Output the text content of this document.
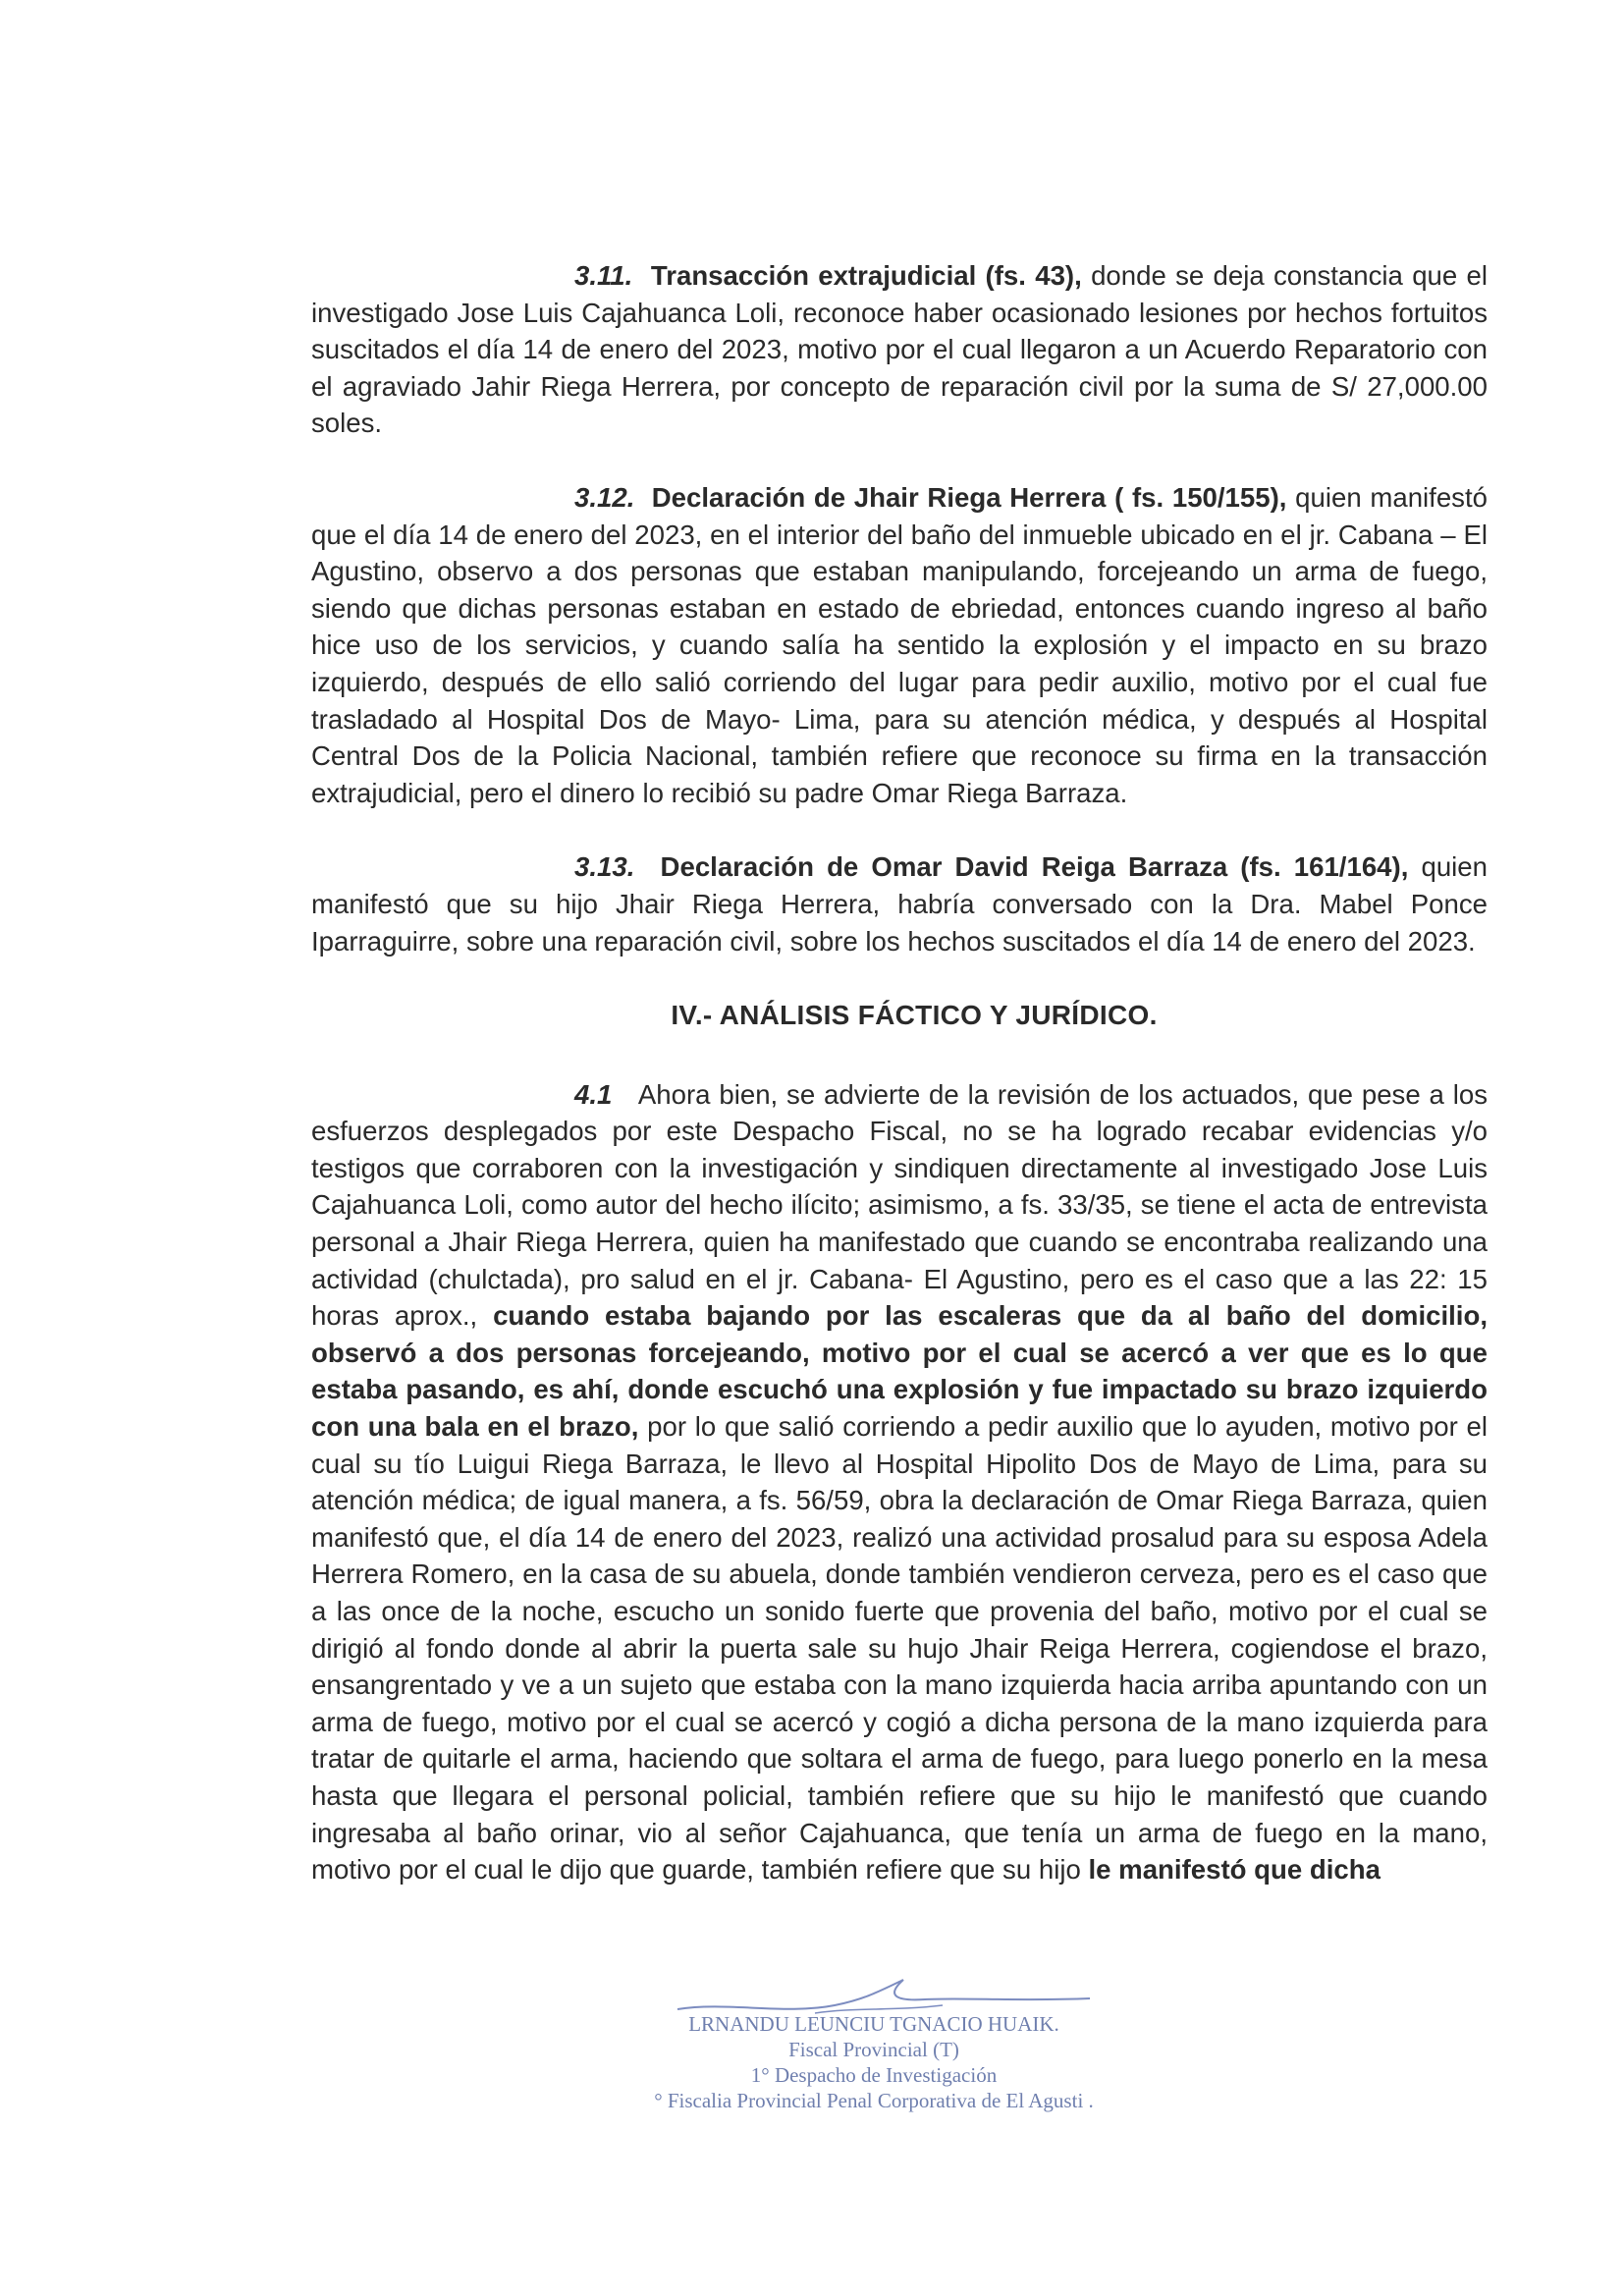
3.11. Transacción extrajudicial (fs. 43), donde se deja constancia que el investigado Jose Luis Cajahuanca Loli, reconoce haber ocasionado lesiones por hechos fortuitos suscitados el día 14 de enero del 2023, motivo por el cual llegaron a un Acuerdo Reparatorio con el agraviado Jahir Riega Herrera, por concepto de reparación civil por la suma de S/ 27,000.00 soles.

3.12. Declaración de Jhair Riega Herrera ( fs. 150/155), quien manifestó que el día 14 de enero del 2023, en el interior del baño del inmueble ubicado en el jr. Cabana – El Agustino, observo a dos personas que estaban manipulando, forcejeando un arma de fuego, siendo que dichas personas estaban en estado de ebriedad, entonces cuando ingreso al baño hice uso de los servicios, y cuando salía ha sentido la explosión y el impacto en su brazo izquierdo, después de ello salió corriendo del lugar para pedir auxilio, motivo por el cual fue trasladado al Hospital Dos de Mayo- Lima, para su atención médica, y después al Hospital Central Dos de la Policia Nacional, también refiere que reconoce su firma en la transacción extrajudicial, pero el dinero lo recibió su padre Omar Riega Barraza.

3.13. Declaración de Omar David Reiga Barraza (fs. 161/164), quien manifestó que su hijo Jhair Riega Herrera, habría conversado con la Dra. Mabel Ponce Iparraguirre, sobre una reparación civil, sobre los hechos suscitados el día 14 de enero del 2023.

IV.- ANÁLISIS FÁCTICO Y JURÍDICO.

4.1 Ahora bien, se advierte de la revisión de los actuados, que pese a los esfuerzos desplegados por este Despacho Fiscal, no se ha logrado recabar evidencias y/o testigos que corraboren con la investigación y sindiquen directamente al investigado Jose Luis Cajahuanca Loli, como autor del hecho ilícito; asimismo, a fs. 33/35, se tiene el acta de entrevista personal a Jhair Riega Herrera, quien ha manifestado que cuando se encontraba realizando una actividad (chulctada), pro salud en el jr. Cabana- El Agustino, pero es el caso que a las 22: 15 horas aprox., cuando estaba bajando por las escaleras que da al baño del domicilio, observó a dos personas forcejeando, motivo por el cual se acercó a ver que es lo que estaba pasando, es ahí, donde escuchó una explosión y fue impactado su brazo izquierdo con una bala en el brazo, por lo que salió corriendo a pedir auxilio que lo ayuden, motivo por el cual su tío Luigui Riega Barraza, le llevo al Hospital Hipolito Dos de Mayo de Lima, para su atención médica; de igual manera, a fs. 56/59, obra la declaración de Omar Riega Barraza, quien manifestó que, el día 14 de enero del 2023, realizó una actividad prosalud para su esposa Adela Herrera Romero, en la casa de su abuela, donde también vendieron cerveza, pero es el caso que a las once de la noche, escucho un sonido fuerte que provenia del baño, motivo por el cual se dirigió al fondo donde al abrir la puerta sale su hujo Jhair Reiga Herrera, cogiendose el brazo, ensangrentado y ve a un sujeto que estaba con la mano izquierda hacia arriba apuntando con un arma de fuego, motivo por el cual se acercó y cogió a dicha persona de la mano izquierda para tratar de quitarle el arma, haciendo que soltara el arma de fuego, para luego ponerlo en la mesa hasta que llegara el personal policial, también refiere que su hijo le manifestó que cuando ingresaba al baño orinar, vio al señor Cajahuanca, que tenía un arma de fuego en la mano, motivo por el cual le dijo que guarde, también refiere que su hijo le manifestó que dicha

LRNANDU LEUNCIU TGNACIO HUAIK.
Fiscal Provincial (T)
1° Despacho de Investigación
° Fiscalia Provincial Penal Corporativa de El Agusti .
